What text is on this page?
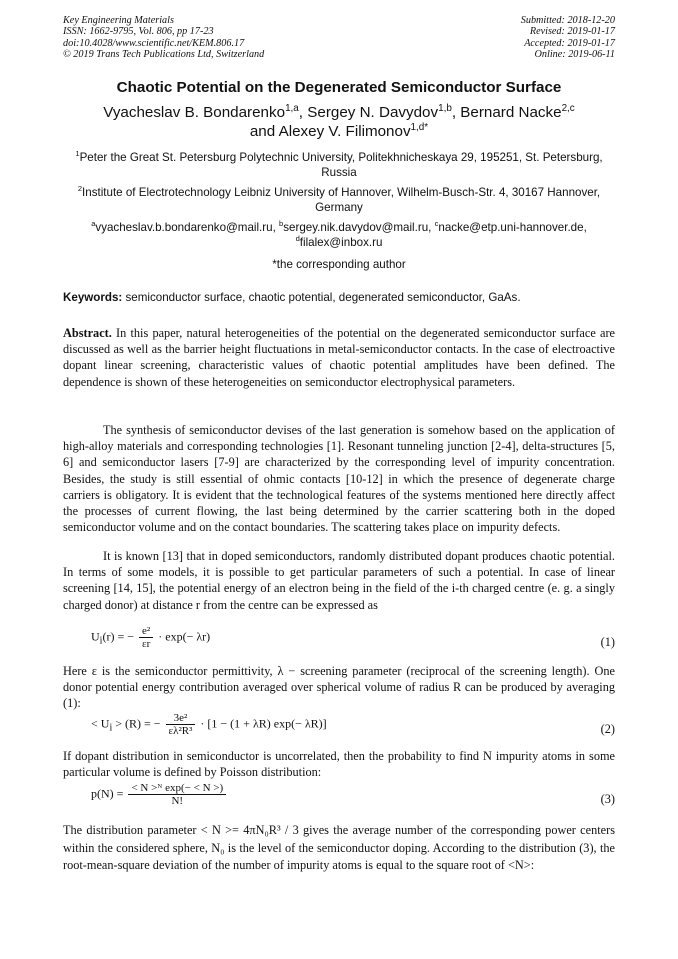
Key Engineering Materials
ISSN: 1662-9795, Vol. 806, pp 17-23
doi:10.4028/www.scientific.net/KEM.806.17
© 2019 Trans Tech Publications Ltd, Switzerland
Submitted: 2018-12-20
Revised: 2019-01-17
Accepted: 2019-01-17
Online: 2019-06-11
Chaotic Potential on the Degenerated Semiconductor Surface
Vyacheslav B. Bondarenko$^{1,a}$, Sergey N. Davydov$^{1,b}$, Bernard Nacke$^{2,c}$
and Alexey V. Filimonov$^{1,d*}$
$^1$Peter the Great St. Petersburg Polytechnic University, Politekhnicheskaya 29, 195251, St. Petersburg, Russia
$^2$Institute of Electrotechnology Leibniz University of Hannover, Wilhelm-Busch-Str. 4, 30167 Hannover, Germany
$^a$vyacheslav.b.bondarenko@mail.ru, $^b$sergey.nik.davydov@mail.ru, $^c$nacke@etp.uni-hannover.de, $^d$filalex@inbox.ru
*the corresponding author
Keywords: semiconductor surface, chaotic potential, degenerated semiconductor, GaAs.
Abstract. In this paper, natural heterogeneities of the potential on the degenerated semiconductor surface are discussed as well as the barrier height fluctuations in metal-semiconductor contacts. In the case of electroactive dopant linear screening, characteristic values of chaotic potential amplitudes have been defined. The dependence is shown of these heterogeneities on semiconductor electrophysical parameters.
The synthesis of semiconductor devises of the last generation is somehow based on the application of high-alloy materials and corresponding technologies [1]. Resonant tunneling junction [2-4], delta-structures [5, 6] and semiconductor lasers [7-9] are characterized by the corresponding level of impurity concentration. Besides, the study is still essential of ohmic contacts [10-12] in which the presence of degenerate charge carriers is obligatory. It is evident that the technological features of the systems mentioned here directly affect the processes of current flowing, the last being determined by the carrier scattering both in the doped semiconductor volume and on the contact boundaries. The scattering takes place on impurity defects.
It is known [13] that in doped semiconductors, randomly distributed dopant produces chaotic potential. In terms of some models, it is possible to get particular parameters of such a potential. In case of linear screening [14, 15], the potential energy of an electron being in the field of the i-th charged centre (e. g. a singly charged donor) at distance r from the centre can be expressed as
$U_i(r)$ = − $\frac{\text{e²}}{\varepsilon r} \cdot \exp(- \lambda r)$	(1)
Here ε is the semiconductor permittivity, λ − screening parameter (reciprocal of the screening length). One donor potential energy contribution averaged over spherical volume of radius R can be produced by averaging (1):
< $U_i > (R)$ = − $\frac{\text{3e²}}{\text{ελ²R³}} \cdot [1 - (1 + \lambda R)$ exp(− λR)]	(2)
If dopant distribution in semiconductor is uncorrelated, then the probability to find N impurity atoms in some particular volume is defined by Poisson distribution:
$p(N) = \frac{\text{< N >ᴺ exp(− < N >)}}{N!}$	(3)
The distribution parameter < N >= 4πN₀R³ / 3 gives the average number of the corresponding power centers within the considered sphere, N₀ is the level of the semiconductor doping. According to the distribution (3), the root-mean-square deviation of the number of impurity atoms is equal to the square root of <N>:
